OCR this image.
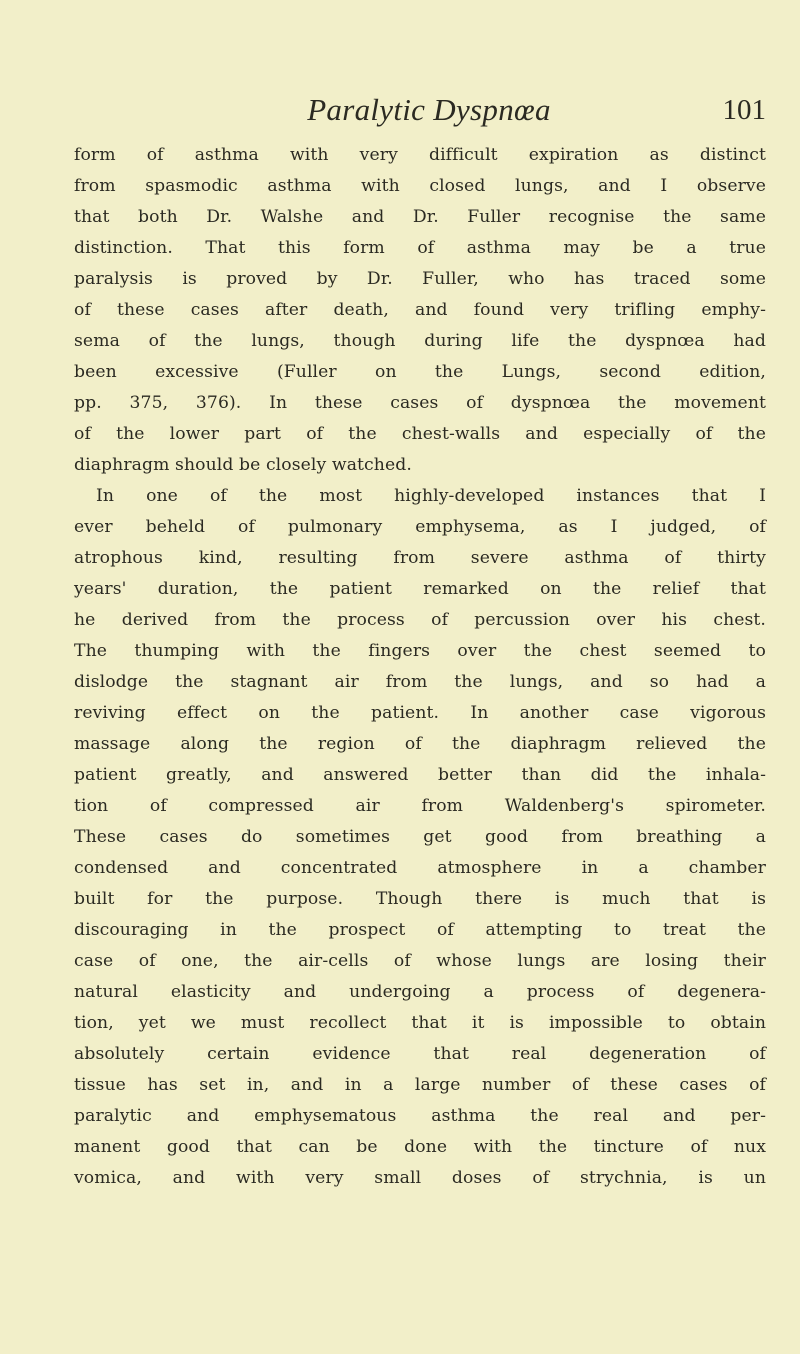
Paralytic Dyspnœa	101
form of asthma with very difficult expiration as distinct
from spasmodic asthma with closed lungs, and I observe
that both Dr. Walshe and Dr. Fuller recognise the same
distinction. That this form of asthma may be a true
paralysis is proved by Dr. Fuller, who has traced some
of these cases after death, and found very trifling emphy-
sema of the lungs, though during life the dyspnœa had
been excessive (Fuller on the Lungs, second edition,
pp. 375, 376). In these cases of dyspnœa the movement
of the lower part of the chest-walls and especially of the
diaphragm should be closely watched.
In one of the most highly-developed instances that I
ever beheld of pulmonary emphysema, as I judged, of
atrophous kind, resulting from severe asthma of thirty
years' duration, the patient remarked on the relief that
he derived from the process of percussion over his chest.
The thumping with the fingers over the chest seemed to
dislodge the stagnant air from the lungs, and so had a
reviving effect on the patient. In another case vigorous
massage along the region of the diaphragm relieved the
patient greatly, and answered better than did the inhala-
tion of compressed air from Waldenberg's spirometer.
These cases do sometimes get good from breathing a
condensed and concentrated atmosphere in a chamber
built for the purpose. Though there is much that is
discouraging in the prospect of attempting to treat the
case of one, the air-cells of whose lungs are losing their
natural elasticity and undergoing a process of degenera-
tion, yet we must recollect that it is impossible to obtain
absolutely certain evidence that real degeneration of
tissue has set in, and in a large number of these cases of
paralytic and emphysematous asthma the real and per-
manent good that can be done with the tincture of nux
vomica, and with very small doses of strychnia, is un
